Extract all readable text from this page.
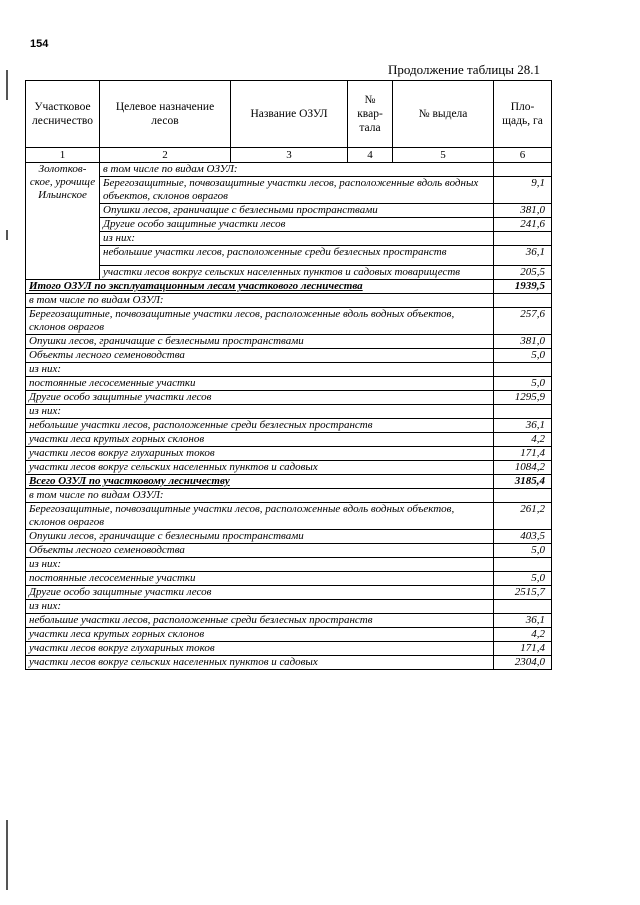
154
Продолжение таблицы 28.1
Участковое лесничество	Целевое назначение лесов	Название ОЗУЛ	№ квар-тала	№ выдела	Пло-щадь, га
1	2	3	4	5	6
Золотков-ское, урочище Ильинское	в том числе по видам ОЗУЛ:				
	Берегозащитные, почвозащитные участки лесов, расположенные вдоль водных объектов, склонов оврагов				9,1
	Опушки лесов, граничащие с безлесными пространствами				381,0
	Другие особо защитные участки лесов				241,6
	из них:				
	небольшие участки лесов, расположенные среди безлесных пространств				36,1
	участки лесов вокруг сельских населенных пунктов и садовых товариществ				205,5
Итого ОЗУЛ по эксплуатационным лесам участкового лесничества					1939,5
в том числе по видам ОЗУЛ:					
Берегозащитные, почвозащитные участки лесов, расположенные вдоль водных объектов, склонов оврагов					257,6
Опушки лесов, граничащие с безлесными пространствами					381,0
Объекты лесного семеноводства					5,0
из них:					
постоянные лесосеменные участки					5,0
Другие особо защитные участки лесов					1295,9
из них:					
небольшие участки лесов, расположенные среди безлесных пространств					36,1
участки леса крутых горных склонов					4,2
участки лесов вокруг глухариных токов					171,4
участки лесов вокруг сельских населенных пунктов и садовых					1084,2
Всего ОЗУЛ по участковому лесничеству					3185,4
в том числе по видам ОЗУЛ:					
Берегозащитные, почвозащитные участки лесов, расположенные вдоль водных объектов, склонов оврагов					261,2
Опушки лесов, граничащие с безлесными пространствами					403,5
Объекты лесного семеноводства					5,0
из них:					
постоянные лесосеменные участки					5,0
Другие особо защитные участки лесов					2515,7
из них:					
небольшие участки лесов, расположенные среди безлесных пространств					36,1
участки леса крутых горных склонов					4,2
участки лесов вокруг глухариных токов					171,4
участки лесов вокруг сельских населенных пунктов и садовых					2304,0
